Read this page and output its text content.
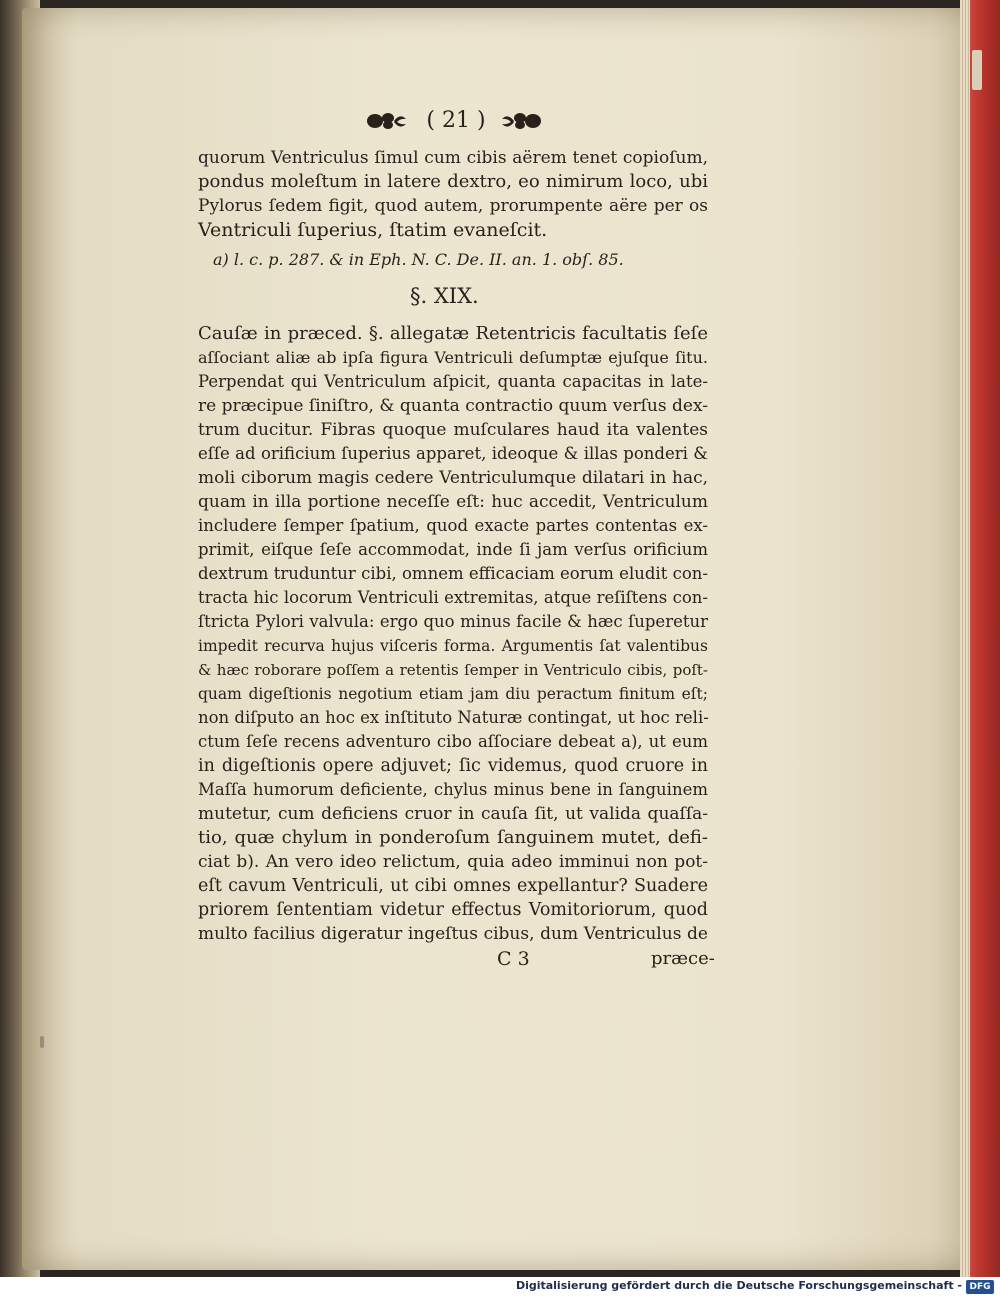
( 21 )

quorum Ventriculus ſimul cum cibis aërem tenet copioſum,

pondus moleſtum in latere dextro, eo nimirum loco, ubi

Pylorus ſedem figit, quod autem, prorumpente aëre per os

Ventriculi ſuperius, ſtatim evaneſcit.

a) l. c. p. 287. & in Eph. N. C. De. II. an. 1. obſ. 85.

§. XIX.

Cauſæ in præced. §. allegatæ Retentricis facultatis ſeſe

aſſociant aliæ ab ipſa figura Ventriculi deſumptæ ejuſque ſitu.

Perpendat qui Ventriculum aſpicit, quanta capacitas in late-

re præcipue ſiniſtro, & quanta contractio quum verſus dex-

trum ducitur. Fibras quoque muſculares haud ita valentes

eſſe ad orificium ſuperius apparet, ideoque & illas ponderi &

moli ciborum magis cedere Ventriculumque dilatari in hac,

quam in illa portione neceſſe eſt: huc accedit, Ventriculum

includere ſemper ſpatium, quod exacte partes contentas ex-

primit, eiſque ſeſe accommodat, inde ſi jam verſus orificium

dextrum truduntur cibi, omnem efficaciam eorum eludit con-

tracta hic locorum Ventriculi extremitas, atque reſiſtens con-

ſtricta Pylori valvula: ergo quo minus facile & hæc ſuperetur

impedit recurva hujus viſceris forma. Argumentis ſat valentibus

& hæc roborare poſſem a retentis ſemper in Ventriculo cibis, poſt-

quam digeſtionis negotium etiam jam diu peractum finitum eſt;

non diſputo an hoc ex inſtituto Naturæ contingat, ut hoc reli-

ctum ſeſe recens adventuro cibo aſſociare debeat a), ut eum

in digeſtionis opere adjuvet; ſic videmus, quod cruore in

Maſſa humorum deficiente, chylus minus bene in ſanguinem

mutetur, cum deficiens cruor in cauſa ſit, ut valida quaſſa-

tio, quæ chylum in ponderoſum ſanguinem mutet, defi-

ciat b). An vero ideo relictum, quia adeo imminui non pot-

eſt cavum Ventriculi, ut cibi omnes expellantur? Suadere

priorem ſententiam videtur effectus Vomitoriorum, quod

multo facilius digeratur ingeſtus cibus, dum Ventriculus de

C 3	præce-

Digitalisierung gefördert durch die Deutsche Forschungsgemeinschaft - DFG
